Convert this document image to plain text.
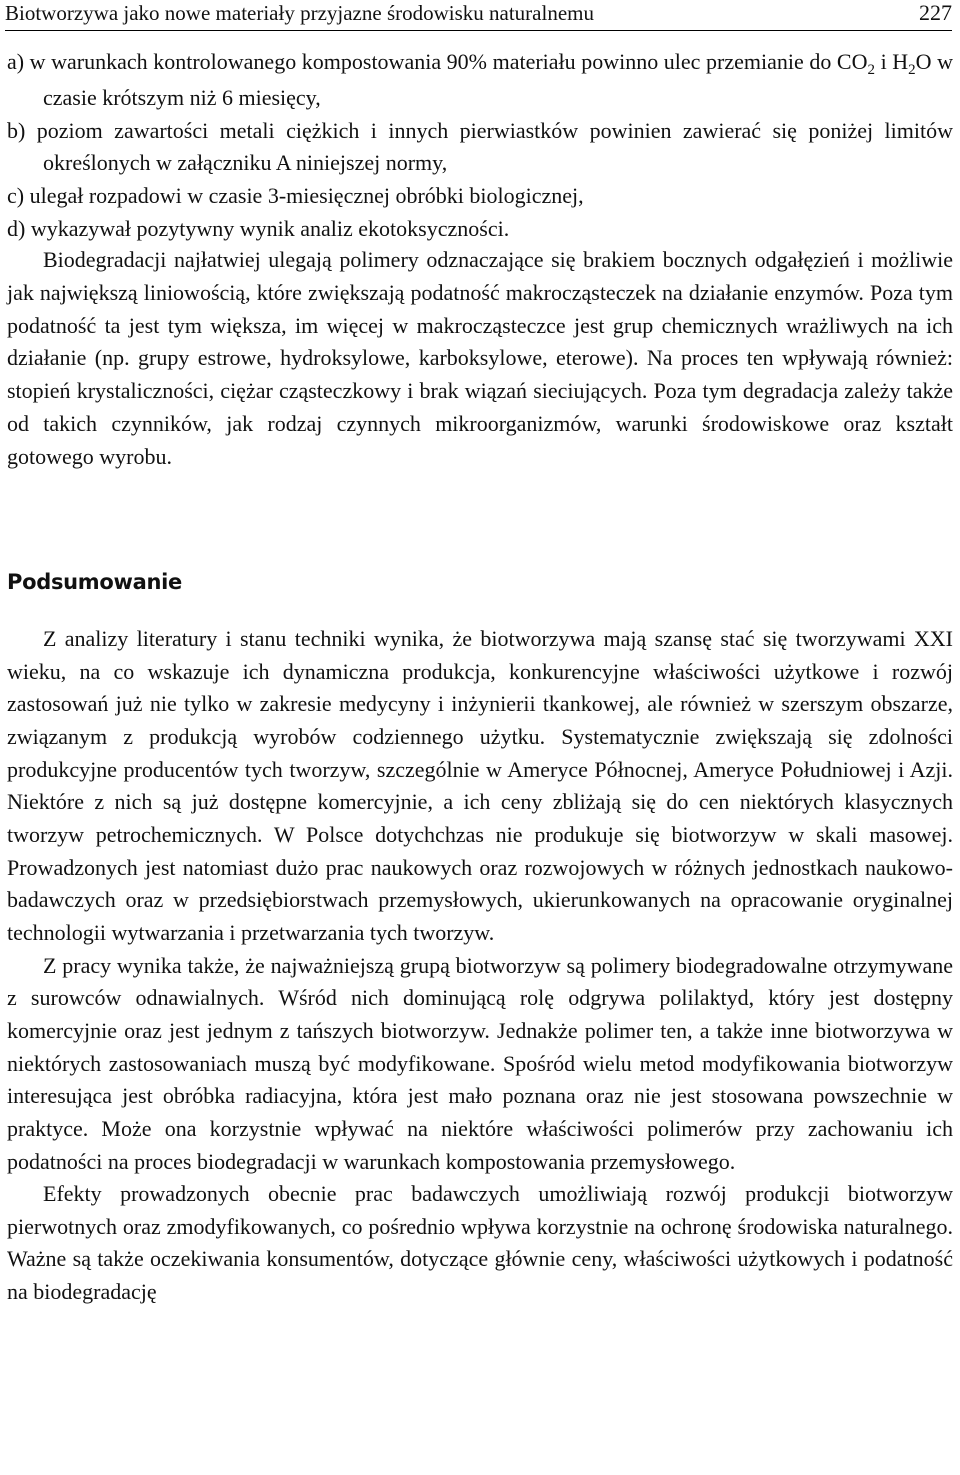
Biotworzywa jako nowe materiały przyjazne środowisku naturalnemu	227
a) w warunkach kontrolowanego kompostowania 90% materiału powinno ulec przemianie do $CO_2$ i $H_2O$ w czasie krótszym niż 6 miesięcy,
b) poziom zawartości metali ciężkich i innych pierwiastków powinien zawierać się poniżej limitów określonych w załączniku A niniejszej normy,
c) ulegał rozpadowi w czasie 3-miesięcznej obróbki biologicznej,
d) wykazywał pozytywny wynik analiz ekotoksyczności.

Biodegradacji najłatwiej ulegają polimery odznaczające się brakiem bocznych odgałęzień i możliwie jak największą liniowością, które zwiększają podatność makrocząsteczek na działanie enzymów. Poza tym podatność ta jest tym większa, im więcej w makrocząsteczce jest grup chemicznych wrażliwych na ich działanie (np. grupy estrowe, hydroksylowe, karboksylowe, eterowe). Na proces ten wpływają również: stopień krystaliczności, ciężar cząsteczkowy i brak wiązań sieciujących. Poza tym degradacja zależy także od takich czynników, jak rodzaj czynnych mikroorganizmów, warunki środowiskowe oraz kształt gotowego wyrobu.

Podsumowanie

Z analizy literatury i stanu techniki wynika, że biotworzywa mają szansę stać się tworzywami XXI wieku, na co wskazuje ich dynamiczna produkcja, konkurencyjne właściwości użytkowe i rozwój zastosowań już nie tylko w zakresie medycyny i inżynierii tkankowej, ale również w szerszym obszarze, związanym z produkcją wyrobów codziennego użytku. Systematycznie zwiększają się zdolności produkcyjne producentów tych tworzyw, szczególnie w Ameryce Północnej, Ameryce Południowej i Azji. Niektóre z nich są już dostępne komercyjnie, a ich ceny zbliżają się do cen niektórych klasycznych tworzyw petrochemicznych. W Polsce dotychchzas nie produkuje się biotworzyw w skali masowej. Prowadzonych jest natomiast dużo prac naukowych oraz rozwojowych w różnych jednostkach naukowo-badawczych oraz w przedsiębiorstwach przemysłowych, ukierunkowanych na opracowanie oryginalnej technologii wytwarzania i przetwarzania tych tworzyw.

Z pracy wynika także, że najważniejszą grupą biotworzyw są polimery biodegradowalne otrzymywane z surowców odnawialnych. Wśród nich dominującą rolę odgrywa polilaktyd, który jest dostępny komercyjnie oraz jest jednym z tańszych biotworzyw. Jednakże polimer ten, a także inne biotworzywa w niektórych zastosowaniach muszą być modyfikowane. Spośród wielu metod modyfikowania biotworzyw interesująca jest obróbka radiacyjna, która jest mało poznana oraz nie jest stosowana powszechnie w praktyce. Może ona korzystnie wpływać na niektóre właściwości polimerów przy zachowaniu ich podatności na proces biodegradacji w warunkach kompostowania przemysłowego.

Efekty prowadzonych obecnie prac badawczych umożliwiają rozwój produkcji biotworzyw pierwotnych oraz zmodyfikowanych, co pośrednio wpływa korzystnie na ochronę środowiska naturalnego. Ważne są także oczekiwania konsumentów, dotyczące głównie ceny, właściwości użytkowych i podatność na biodegradację
